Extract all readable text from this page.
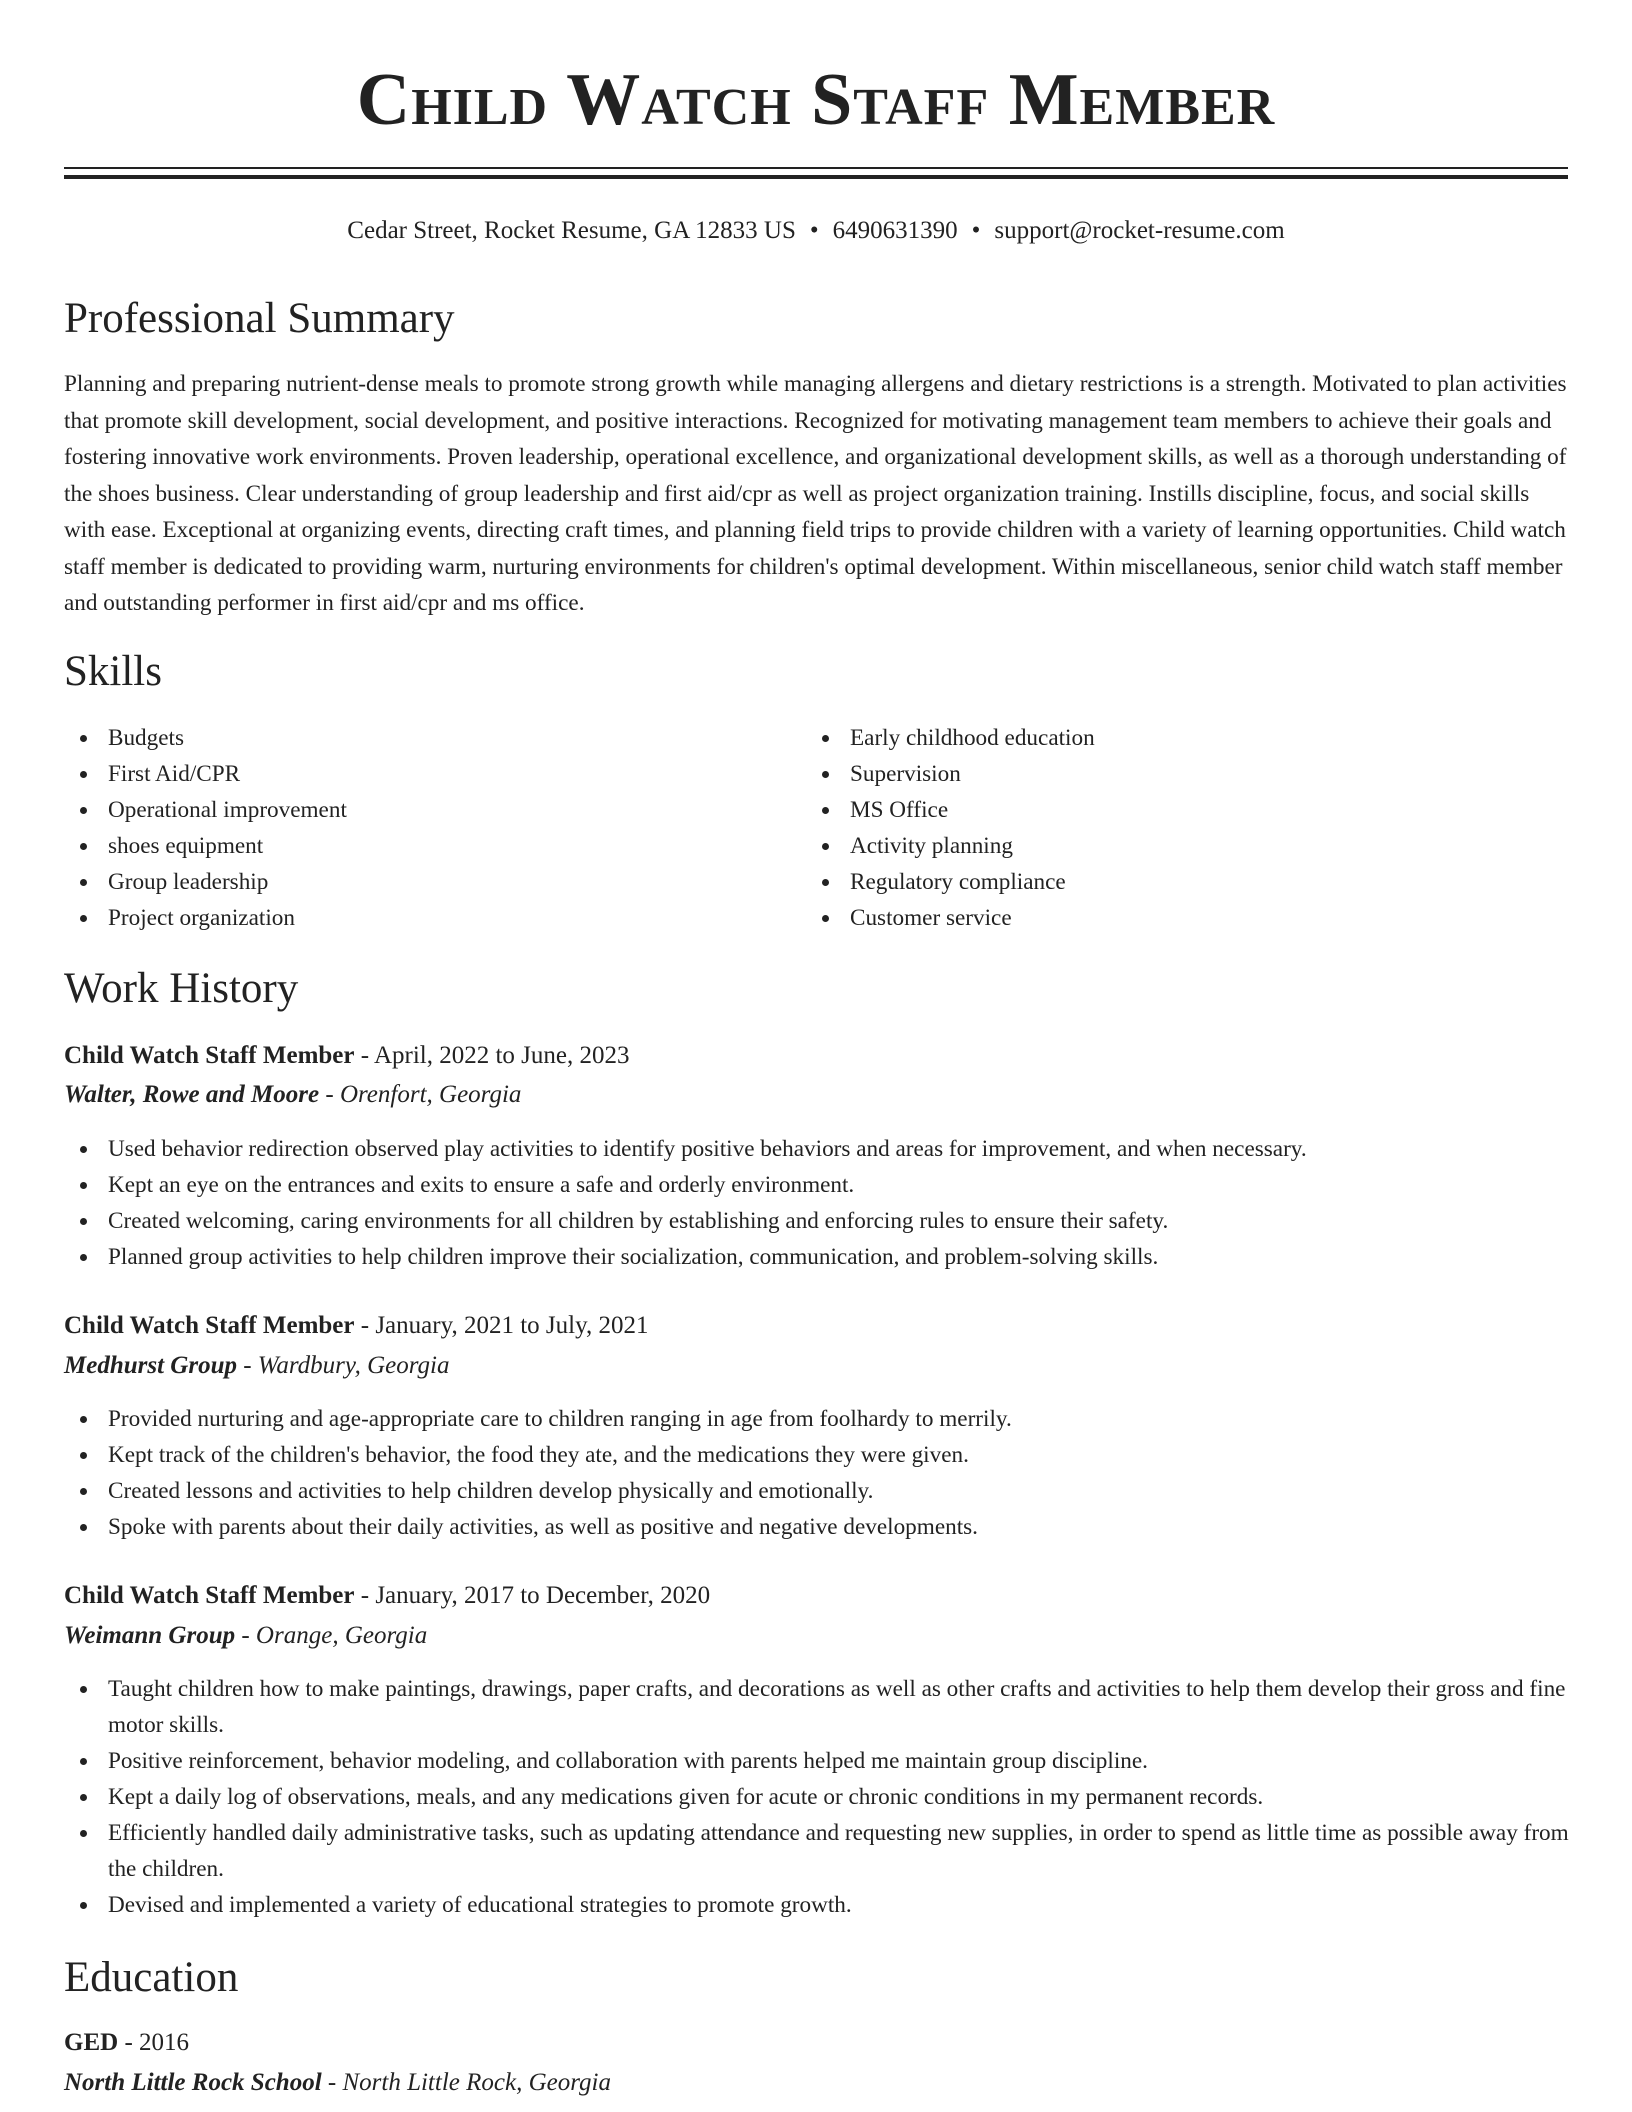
Child Watch Staff Member
Cedar Street, Rocket Resume, GA 12833 US • 6490631390 • support@rocket-resume.com
Professional Summary

Planning and preparing nutrient-dense meals to promote strong growth while managing allergens and dietary restrictions is a strength. Motivated to plan activities that promote skill development, social development, and positive interactions. Recognized for motivating management team members to achieve their goals and fostering innovative work environments. Proven leadership, operational excellence, and organizational development skills, as well as a thorough understanding of the shoes business. Clear understanding of group leadership and first aid/cpr as well as project organization training. Instills discipline, focus, and social skills with ease. Exceptional at organizing events, directing craft times, and planning field trips to provide children with a variety of learning opportunities. Child watch staff member is dedicated to providing warm, nurturing environments for children's optimal development. Within miscellaneous, senior child watch staff member and outstanding performer in first aid/cpr and ms office.

Skills
Budgets
First Aid/CPR
Operational improvement
shoes equipment
Group leadership
Project organization
Early childhood education
Supervision
MS Office
Activity planning
Regulatory compliance
Customer service
Work History
Child Watch Staff Member - April, 2022 to June, 2023
Walter, Rowe and Moore - Orenfort, Georgia
Used behavior redirection observed play activities to identify positive behaviors and areas for improvement, and when necessary.
Kept an eye on the entrances and exits to ensure a safe and orderly environment.
Created welcoming, caring environments for all children by establishing and enforcing rules to ensure their safety.
Planned group activities to help children improve their socialization, communication, and problem-solving skills.
Child Watch Staff Member - January, 2021 to July, 2021
Medhurst Group - Wardbury, Georgia
Provided nurturing and age-appropriate care to children ranging in age from foolhardy to merrily.
Kept track of the children's behavior, the food they ate, and the medications they were given.
Created lessons and activities to help children develop physically and emotionally.
Spoke with parents about their daily activities, as well as positive and negative developments.
Child Watch Staff Member - January, 2017 to December, 2020
Weimann Group - Orange, Georgia
Taught children how to make paintings, drawings, paper crafts, and decorations as well as other crafts and activities to help them develop their gross and fine motor skills.
Positive reinforcement, behavior modeling, and collaboration with parents helped me maintain group discipline.
Kept a daily log of observations, meals, and any medications given for acute or chronic conditions in my permanent records.
Efficiently handled daily administrative tasks, such as updating attendance and requesting new supplies, in order to spend as little time as possible away from the children.
Devised and implemented a variety of educational strategies to promote growth.
Education
GED - 2016
North Little Rock School - North Little Rock, Georgia
